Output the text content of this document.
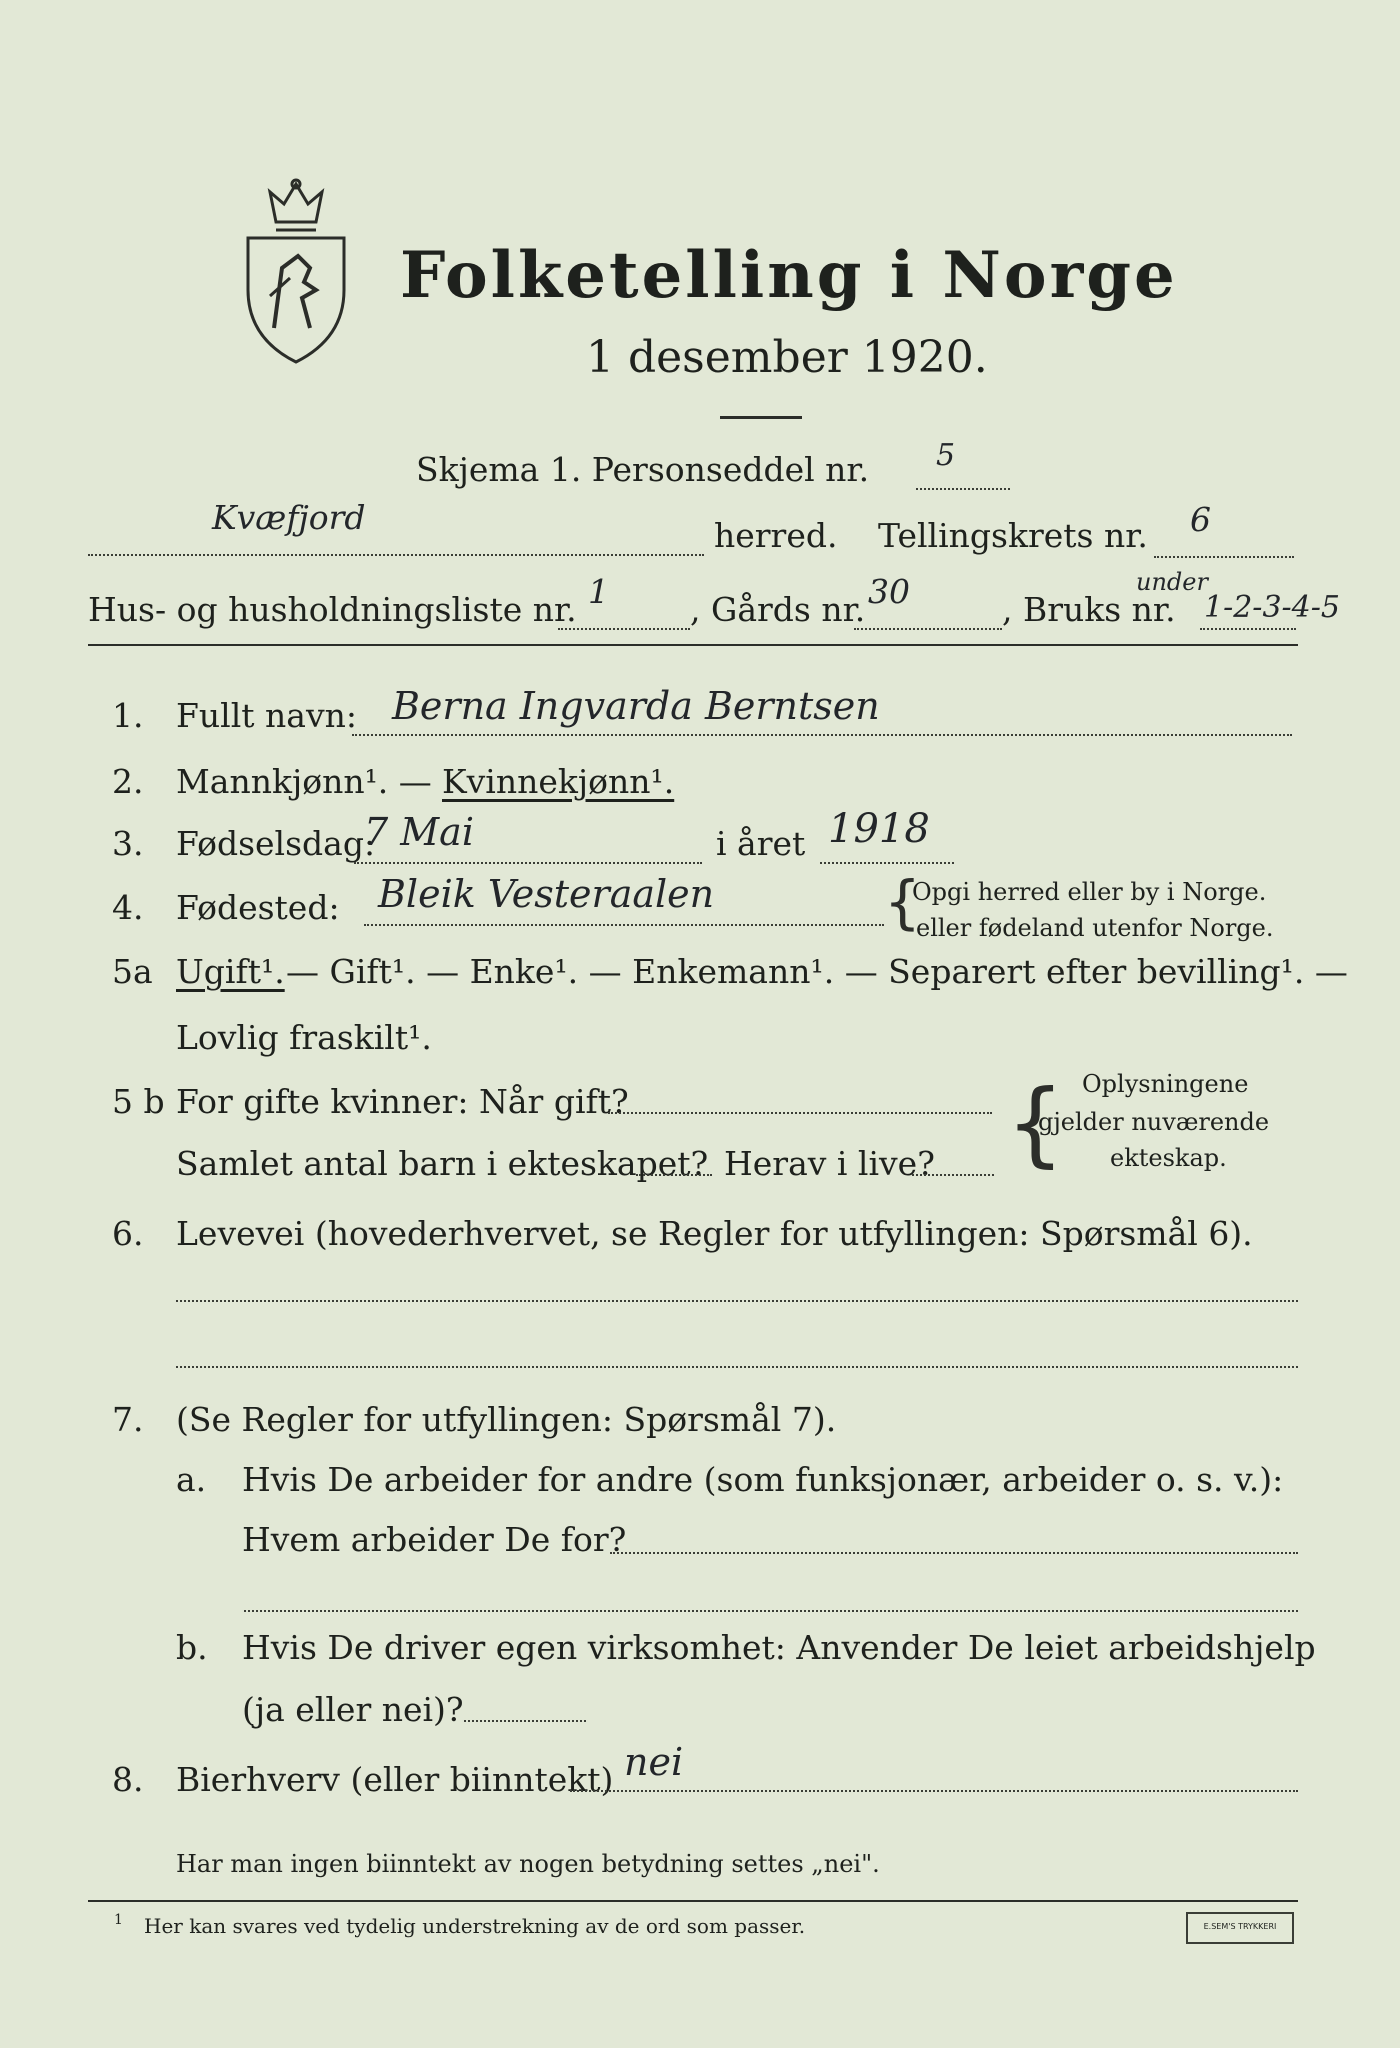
Folketelling i Norge
1 desember 1920.
Skjema 1. Personseddel nr. 5
Kvæfjord	herred. Tellingskrets nr. 6
Hus- og husholdningsliste nr. 1 , Gårds nr. 30	, Bruks nr.
under
1-2-3-4-5
1. Fullt navn: Berna Ingvarda Berntsen
2. Mannkjønn¹. — Kvinnekjønn¹.
3. Fødselsdag:
7 Mai	i året 1918
4. Fødested: Bleik Vesteraalen	{
Opgi herred eller by i Norge.
eller fødeland utenfor Norge.
5a Ugift¹. — Gift¹. — Enke¹. — Enkemann¹. — Separert efter bevilling¹. —
Lovlig fraskilt¹.
5 b For gifte kvinner: Når gift?
Samlet antal barn i ekteskapet? Herav i live? { Oplysningene
gjelder nuværende
ekteskap.
6. Levevei (hovederhvervet, se Regler for utfyllingen: Spørsmål 6).
7. (Se Regler for utfyllingen: Spørsmål 7).
a. Hvis De arbeider for andre (som funksjonær, arbeider o. s. v.):
Hvem arbeider De for?
b. Hvis De driver egen virksomhet: Anvender De leiet arbeidshjelp
(ja eller nei)?
8. Bierhverv (eller biinntekt) nei
Har man ingen biinntekt av nogen betydning settes „nei".
1 Her kan svares ved tydelig understrekning av de ord som passer.	E.SEM'S TRYKKERI
